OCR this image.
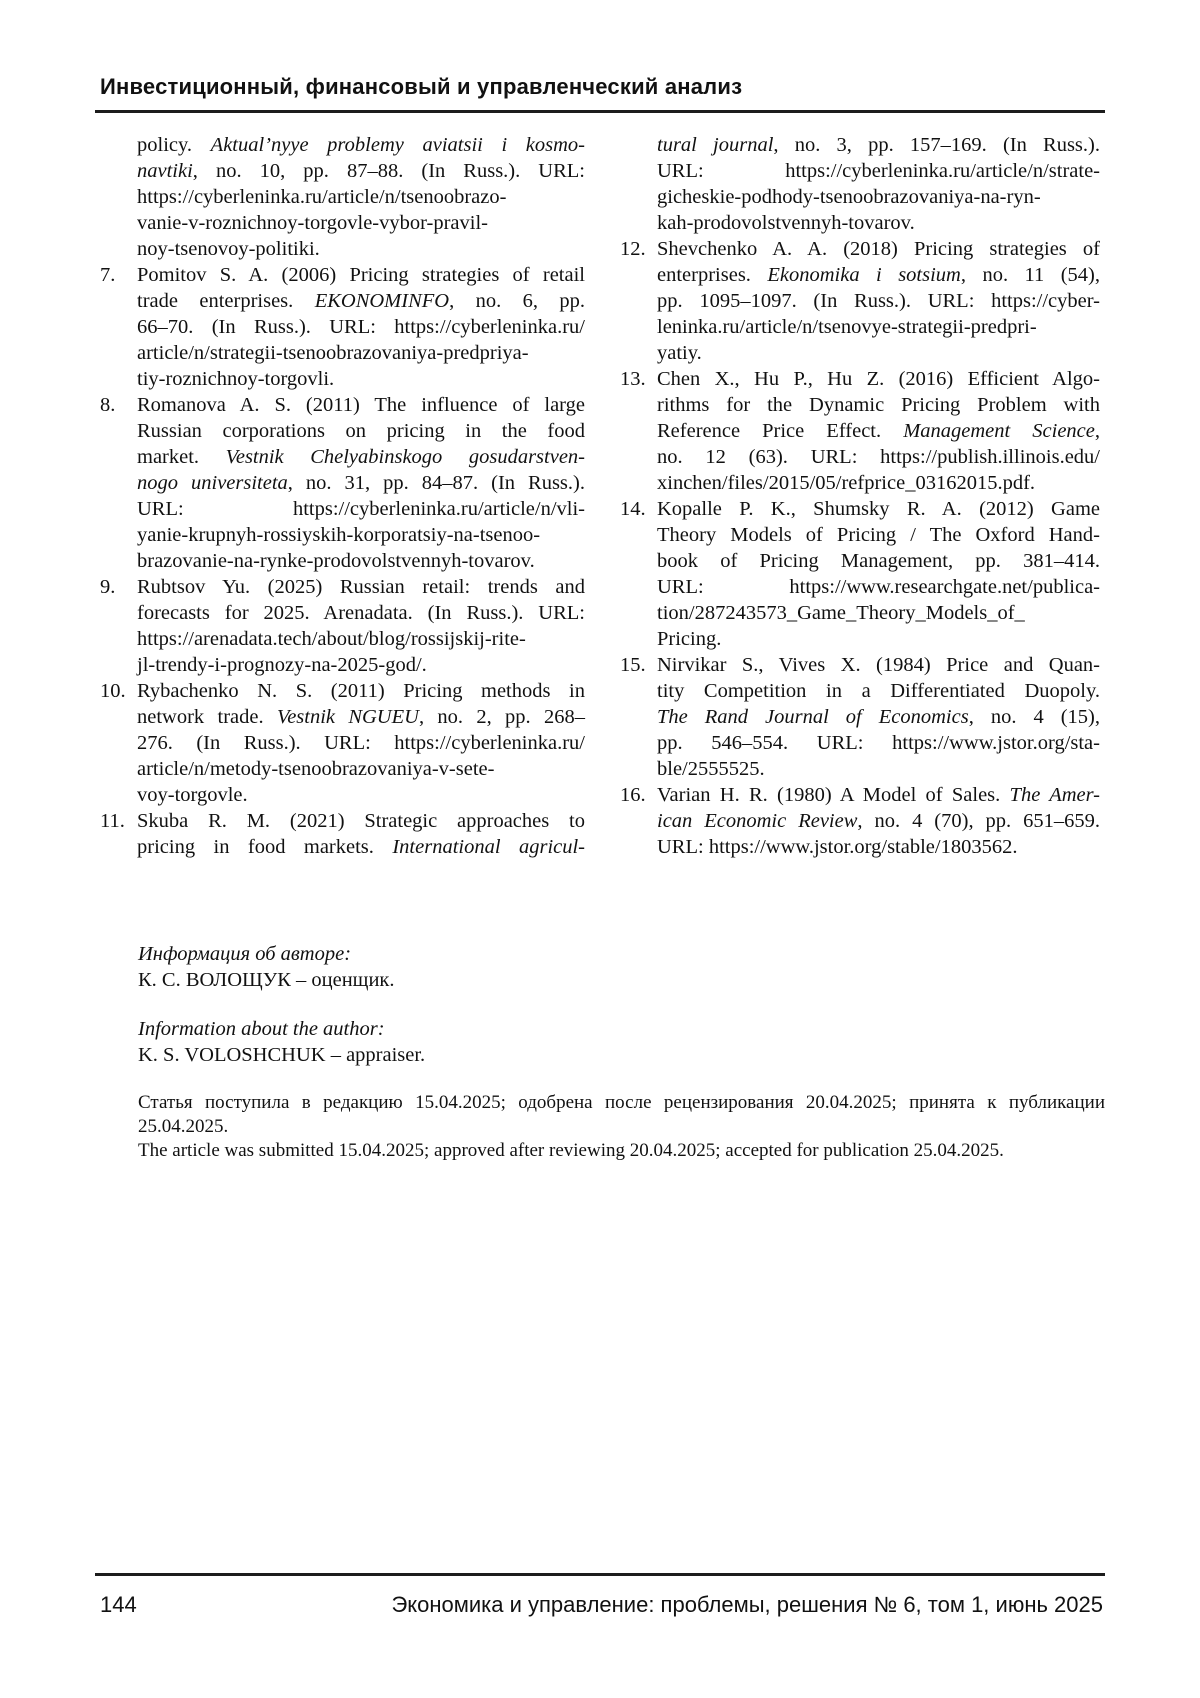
Инвестиционный, финансовый и управленческий анализ
policy. Aktual’nyye problemy aviatsii i kosmo-
navtiki, no. 10, pp. 87–88. (In Russ.). URL:
https://cyberleninka.ru/article/n/tsenoobrazo-
vanie-v-roznichnoy-torgovle-vybor-pravil-
noy-tsenovoy-politiki.
7.	Pomitov S. A. (2006) Pricing strategies of retail
trade enterprises. EKONOMINFO, no. 6, pp.
66–70. (In Russ.). URL: https://cyberleninka.ru/
article/n/strategii-tsenoobrazovaniya-predpriya-
tiy-roznichnoy-torgovli.
8.	Romanova A. S. (2011) The influence of large
Russian corporations on pricing in the food
market. Vestnik Chelyabinskogo gosudarstven-
nogo universiteta, no. 31, pp. 84–87. (In Russ.).
URL: https://cyberleninka.ru/article/n/vli-
yanie-krupnyh-rossiyskih-korporatsiy-na-tsenoo-
brazovanie-na-rynke-prodovolstvennyh-tovarov.
9.	Rubtsov Yu. (2025) Russian retail: trends and
forecasts for 2025. Arenadata. (In Russ.). URL:
https://arenadata.tech/about/blog/rossijskij-rite-
jl-trendy-i-prognozy-na-2025-god/.
10. Rybachenko N. S. (2011) Pricing methods in
network trade. Vestnik NGUEU, no. 2, pp. 268–
276. (In Russ.). URL: https://cyberleninka.ru/
article/n/metody-tsenoobrazovaniya-v-sete-
voy-torgovle.
11. Skuba R. M. (2021) Strategic approaches to
pricing in food markets. International agricul-
tural journal, no. 3, pp. 157–169. (In Russ.).
URL: https://cyberleninka.ru/article/n/strate-
gicheskie-podhody-tsenoobrazovaniya-na-ryn-
kah-prodovolstvennyh-tovarov.
12. Shevchenko A. A. (2018) Pricing strategies of
enterprises. Ekonomika i sotsium, no. 11 (54),
pp. 1095–1097. (In Russ.). URL: https://cyber-
leninka.ru/article/n/tsenovye-strategii-predpri-
yatiy.
13. Chen X., Hu P., Hu Z. (2016) Efficient Algo-
rithms for the Dynamic Pricing Problem with
Reference Price Effect. Management Science,
no. 12 (63). URL: https://publish.illinois.edu/
xinchen/files/2015/05/refprice_03162015.pdf.
14. Kopalle P. K., Shumsky R. A. (2012) Game
Theory Models of Pricing / The Oxford Hand-
book of Pricing Management, pp. 381–414.
URL: https://www.researchgate.net/publica-
tion/287243573_Game_Theory_Models_of_
Pricing.
15. Nirvikar S., Vives X. (1984) Price and Quan-
tity Competition in a Differentiated Duopoly.
The Rand Journal of Economics, no. 4 (15),
pp. 546–554. URL: https://www.jstor.org/sta-
ble/2555525.
16. Varian H. R. (1980) A Model of Sales. The Amer-
ican Economic Review, no. 4 (70), pp. 651–659.
URL: https://www.jstor.org/stable/1803562.
Информация об авторе:
К. С. ВОЛОЩУК – оценщик.
Information about the author:
K. S. VOLOSHCHUK – appraiser.
Статья поступила в редакцию 15.04.2025; одобрена после рецензирования 20.04.2025; принята к публикации
25.04.2025.
The article was submitted 15.04.2025; approved after reviewing 20.04.2025; accepted for publication 25.04.2025.
144	Экономика и управление: проблемы, решения № 6, том 1, июнь 2025
